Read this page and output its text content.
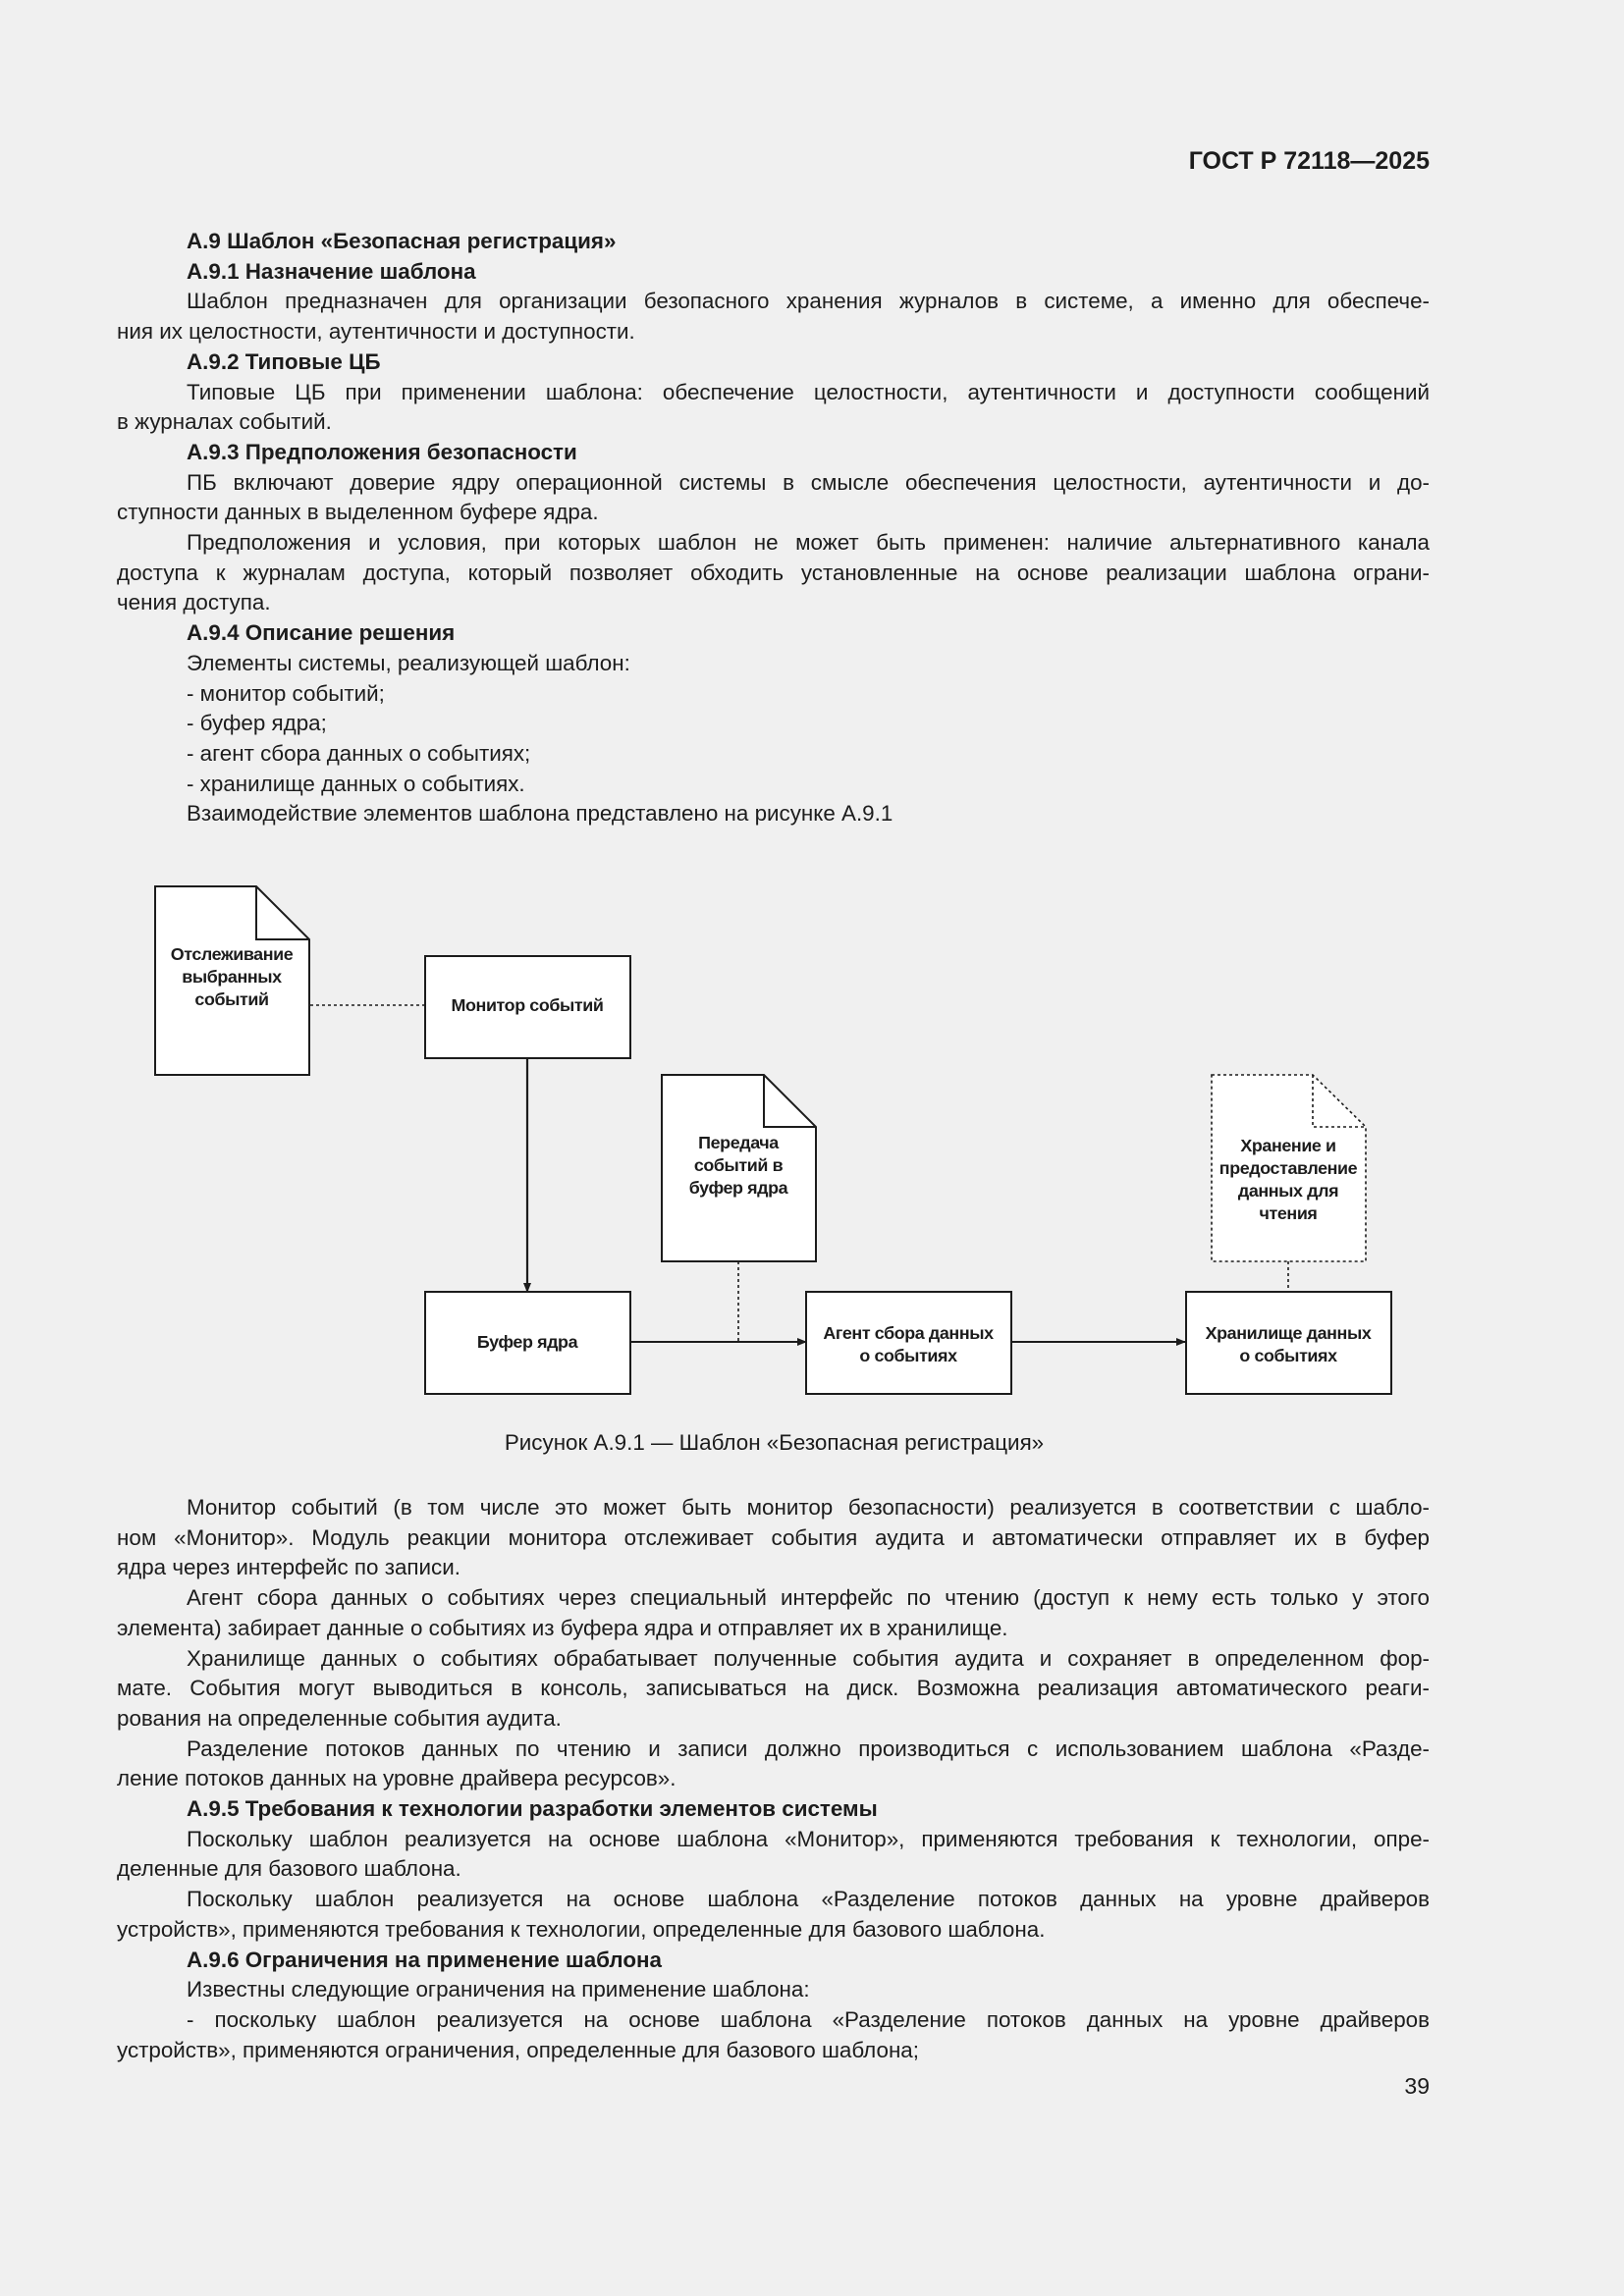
ГОСТ Р 72118—2025
А.9 Шаблон «Безопасная регистрация»
А.9.1 Назначение шаблона
Шаблон предназначен для организации безопасного хранения журналов в системе, а именно для обеспече-
ния их целостности, аутентичности и доступности.
А.9.2 Типовые ЦБ
Типовые ЦБ при применении шаблона: обеспечение целостности, аутентичности и доступности сообщений
в журналах событий.
А.9.3 Предположения безопасности
ПБ включают доверие ядру операционной системы в смысле обеспечения целостности, аутентичности и до-
ступности данных в выделенном буфере ядра.
Предположения и условия, при которых шаблон не может быть применен: наличие альтернативного канала
доступа к журналам доступа, который позволяет обходить установленные на основе реализации шаблона ограни-
чения доступа.
А.9.4 Описание решения
Элементы системы, реализующей шаблон:
- монитор событий;
- буфер ядра;
- агент сбора данных о событиях;
- хранилище данных о событиях.
Взаимодействие элементов шаблона представлено на рисунке А.9.1
Отслеживание выбранных событий	Монитор событий
Передача событий в буфер ядра
Хранение и предоставление данных для чтения
Буфер ядра	Агент сбора данных о событиях
Хранилище данных о событиях
Рисунок А.9.1 — Шаблон «Безопасная регистрация»
Монитор событий (в том числе это может быть монитор безопасности) реализуется в соответствии с шабло-
ном «Монитор». Модуль реакции монитора отслеживает события аудита и автоматически отправляет их в буфер
ядра через интерфейс по записи.
Агент сбора данных о событиях через специальный интерфейс по чтению (доступ к нему есть только у этого
элемента) забирает данные о событиях из буфера ядра и отправляет их в хранилище.
Хранилище данных о событиях обрабатывает полученные события аудита и сохраняет в определенном фор-
мате. События могут выводиться в консоль, записываться на диск. Возможна реализация автоматического реаги-
рования на определенные события аудита.
Разделение потоков данных по чтению и записи должно производиться с использованием шаблона «Разде-
ление потоков данных на уровне драйвера ресурсов».
А.9.5 Требования к технологии разработки элементов системы
Поскольку шаблон реализуется на основе шаблона «Монитор», применяются требования к технологии, опре-
деленные для базового шаблона.
Поскольку шаблон реализуется на основе шаблона «Разделение потоков данных на уровне драйверов
устройств», применяются требования к технологии, определенные для базового шаблона.
А.9.6 Ограничения на применение шаблона
Известны следующие ограничения на применение шаблона:
- поскольку шаблон реализуется на основе шаблона «Разделение потоков данных на уровне драйверов
устройств», применяются ограничения, определенные для базового шаблона;
39
